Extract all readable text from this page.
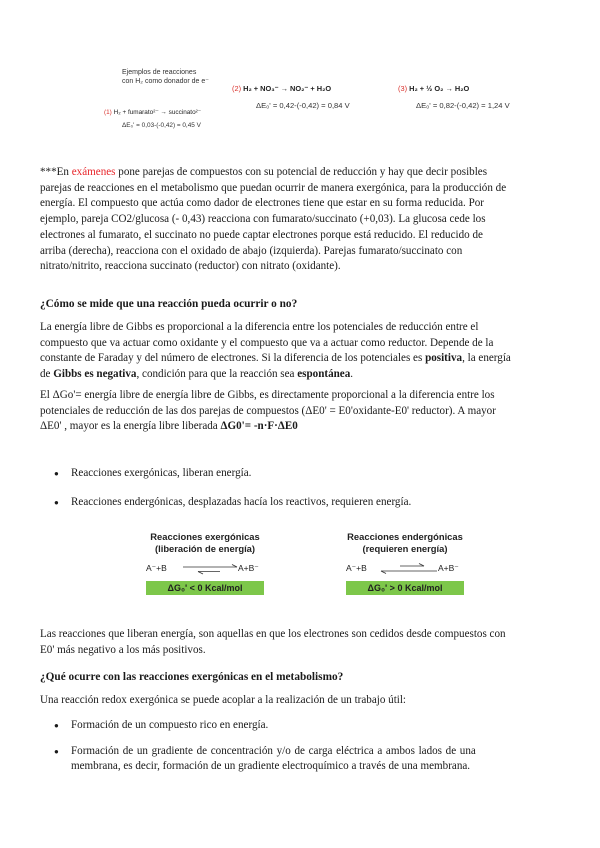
Ejemplos de reacciones
con H₂ como donador de e⁻
(1) H₂ + fumarato²⁻ → succinato²⁻
ΔE₀' = 0,03-(-0,42) = 0,45 V
(2) H₂ + NO₃⁻ → NO₂⁻ + H₂O
ΔE₀' = 0,42-(-0,42) = 0,84 V
(3) H₂ + ½ O₂ → H₂O
ΔE₀' = 0,82-(-0,42) = 1,24 V
***En exámenes pone parejas de compuestos con su potencial de reducción y hay que decir posibles
parejas de reacciones en el metabolismo que puedan ocurrir de manera exergónica, para la producción de
energía. El compuesto que actúa como dador de electrones tiene que estar en su forma reducida. Por
ejemplo, pareja CO2/glucosa (- 0,43) reacciona con fumarato/succinato (+0,03). La glucosa cede los
electrones al fumarato, el succinato no puede captar electrones porque está reducido. El reducido de
arriba (derecha), reacciona con el oxidado de abajo (izquierda). Parejas fumarato/succinato con
nitrato/nitrito, reacciona succinato (reductor) con nitrato (oxidante).
¿Cómo se mide que una reacción pueda ocurrir o no?
La energía libre de Gibbs es proporcional a la diferencia entre los potenciales de reducción entre el
compuesto que va actuar como oxidante y el compuesto que va a actuar como reductor. Depende de la
constante de Faraday y del número de electrones. Si la diferencia de los potenciales es positiva, la energía
de Gibbs es negativa, condición para que la reacción sea espontánea.
El ΔGo'= energía libre de energía libre de Gibbs, es directamente proporcional a la diferencia entre los
potenciales de reducción de las dos parejas de compuestos (ΔE0' = E0'oxidante-E0' reductor). A mayor
ΔE0' , mayor es la energía libre liberada ΔG0'= -n·F·ΔE0
● Reacciones exergónicas, liberan energía.
● Reacciones endergónicas, desplazadas hacía los reactivos, requieren energía.
Reacciones exergónicas
(liberación de energía)
A⁻+B	A+B⁻
ΔG₀' < 0 Kcal/mol
Reacciones endergónicas
(requieren energía)
A⁻+B	A+B⁻
ΔG₀' > 0 Kcal/mol
Las reacciones que liberan energía, son aquellas en que los electrones son cedidos desde compuestos con
E0' más negativo a los más positivos.
¿Qué ocurre con las reacciones exergónicas en el metabolismo?
Una reacción redox exergónica se puede acoplar a la realización de un trabajo útil:
● Formación de un compuesto rico en energía.
● Formación de un gradiente de concentración y/o de carga eléctrica a ambos lados de una
membrana, es decir, formación de un gradiente electroquímico a través de una membrana.
